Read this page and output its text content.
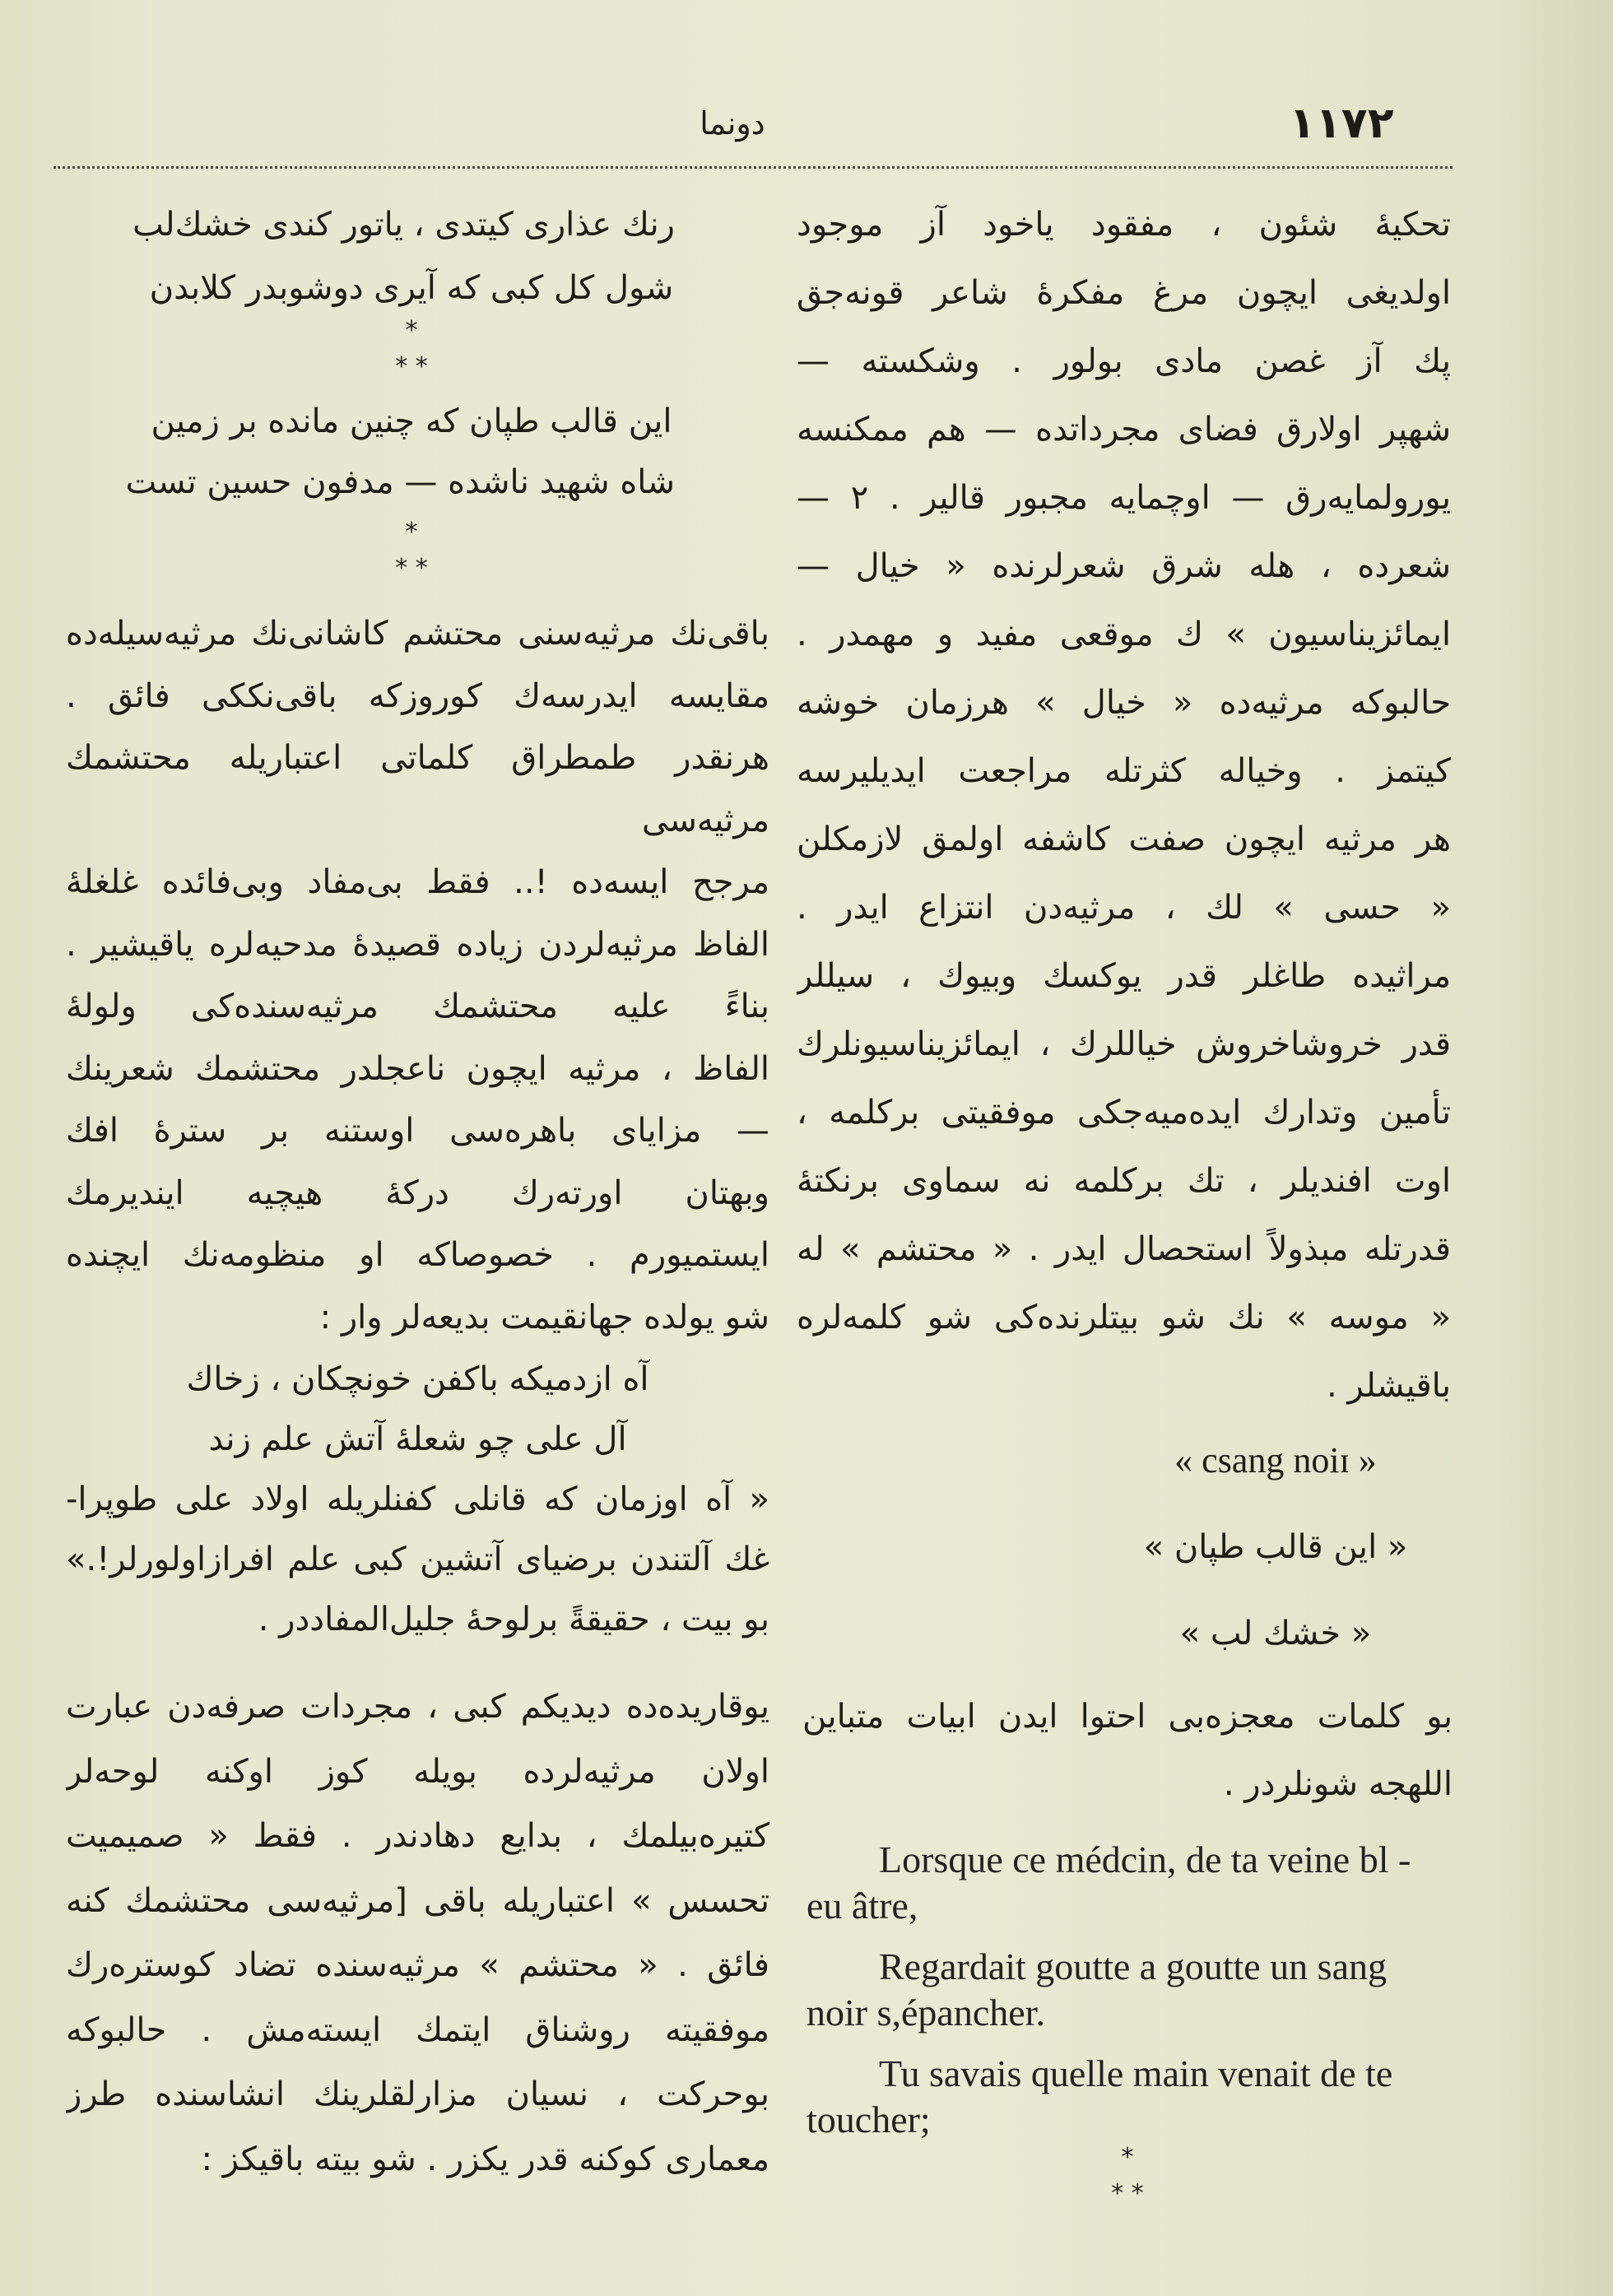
١١٧٢
دونما
تحكيهٔ شئون ، مفقود ياخود آز موجود
اولديغى ايچون مرغ مفكرهٔ شاعر قونه‌جق
پك آز غصن مادى بولور . وشكسته —
شهپر اولارق فضاى مجرداتده — هم ممكنسه
يورولمايه‌رق — اوچمايه مجبور قالير . ٢ —
شعرده ، هله شرق شعرلرنده « خيال —
ايمائزيناسيون » ك موقعى مفيد و مهمدر .
حالبوكه مرثيه‌ده « خيال » هرزمان خوشه
كيتمز . وخياله كثرتله مراجعت ايديليرسه
هر مرثيه ايچون صفت كاشفه اولمق لازمكلن
« حسى » لك ، مرثيه‌دن انتزاع ايدر .
مراثيده طاغلر قدر يوكسك وبيوك ، سيللر
قدر خروشاخروش خياللرك ، ايمائزيناسيونلرك
تأمين وتدارك ايده‌ميه‌جكى موفقيتى بركلمه ،
اوت افنديلر ، تك بركلمه نه سماوى برنكتهٔ
قدرتله مبذولاً استحصال ايدر . « محتشم » له
« موسه » نك شو بيتلرنده‌كى شو كلمه‌لره
باقيشلر .
« csang noiɪ »
« اين قالب طپان »
« خشك لب »
بو كلمات معجزه‌بى احتوا ايدن ابيات متباين
اللهجه شونلردر .
Lorsque ce médcin, de ta veine bl -
eu âtre,
Regardait goutte a goutte un sang
noir s,épancher.
Tu savais quelle main venait de te
toucher;
*
* *
رنك عذارى كيتدى ، ياتور كندى خشك‌لب
شول كل كبى كه آيرى دوشوبدر كلابدن
*
* *
اين قالب طپان كه چنين مانده بر زمين
شاه شهيد ناشده — مدفون حسين تست
*
* *
باقى‌نك مرثيه‌سنى محتشم كاشانى‌نك مرثيه‌سيله‌ده
مقايسه ايدرسه‌ك كوروزكه باقى‌نككى فائق .
هرنقدر طمطراق كلماتى اعتباريله محتشمك مرثيه‌سى
مرجح ايسه‌ده !.. فقط بى‌مفاد وبى‌فائده غلغلهٔ
الفاظ مرثيه‌لردن زياده قصيدهٔ مدحيه‌لره ياقيشير .
بناءً عليه محتشمك مرثيه‌سنده‌كى ولولهٔ
الفاظ ، مرثيه ايچون ناعجلدر محتشمك شعرينك
— مزاياى باهره‌سى اوستنه بر سترهٔ افك
وبهتان اورته‌رك دركهٔ هيچيه ايندير‌مك
ايستميورم . خصوصاكه او منظومه‌نك ايچنده
شو يولده جهانقيمت بديعه‌لر وار :
آه ازدميكه باكفن خونچكان ، زخاك
آل على چو شعلهٔ آتش علم زند
« آه اوزمان كه قانلى كفنلريله اولاد على طوپرا-
غك آلتندن برضياى آتشين كبى علم افرازاولورلر!.»
بو بيت ، حقيقةً برلوحهٔ جليل‌المفاددر .
يوقاريده‌ده ديديكم كبى ، مجردات صرفه‌دن عبارت
اولان مرثيه‌لرده بويله كوز اوكنه لوحه‌لر
كتيره‌بيلمك ، بدايع دهادندر . فقط « صميميت
تحسس » اعتباريله باقى [مرثيه‌سى محتشمك كنه
فائق . « محتشم » مرثيه‌سنده تضاد كوستره‌رك
موفقيته روشناق ايتمك ايسته‌مش . حالبوكه
بوحركت ، نسيان مزارلقلرينك انشاسنده طرز
معمارى كوكنه قدر يكزر . شو بيته باقيكز :
